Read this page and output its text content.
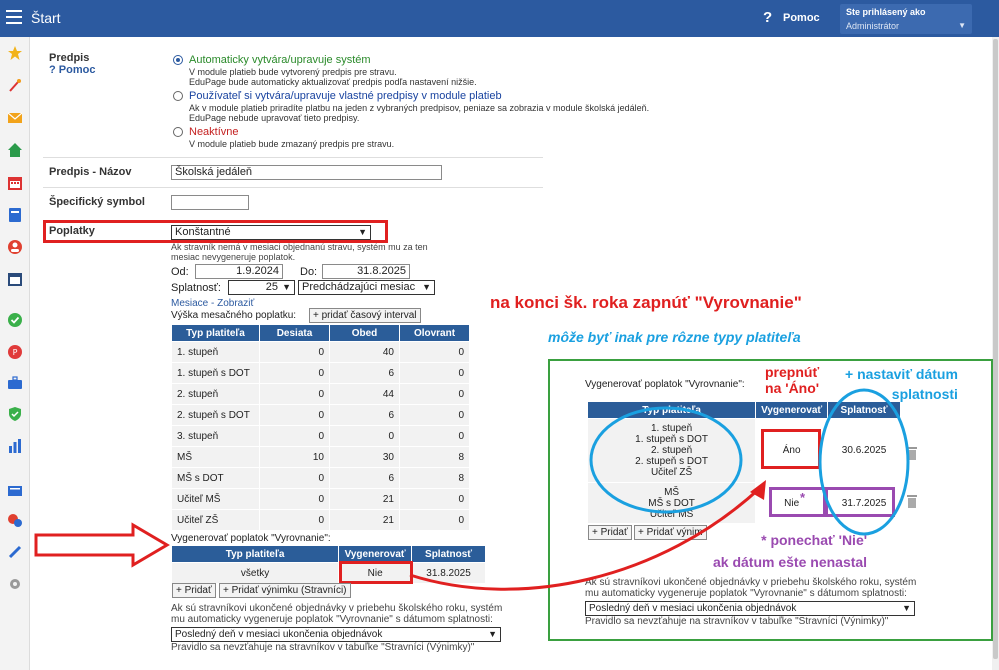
Štart	? Pomoc	Ste prihlásený ako
Administrátor	▼
P
Predpis
? Pomoc
Automaticky vytvára/upravuje systém
V module platieb bude vytvorený predpis pre stravu.
EduPage bude automaticky aktualizovať predpis podľa nastavení nižšie.
Používateľ si vytvára/upravuje vlastné predpisy v module platieb
Ak v module platieb priradíte platbu na jeden z vybraných predpisov, peniaze sa zobrazia v module školská jedáleň.
EduPage nebude upravovať tieto predpisy.
Neaktívne
V module platieb bude zmazaný predpis pre stravu.
Predpis - Názov	Školská jedáleň
Špecifický symbol
Poplatky	Konštantné	▼
Ak stravník nemá v mesiaci objednanú stravu, systém mu za ten
mesiac nevygeneruje poplatok.
Od:	1.9.2024	Do:	31.8.2025
Splatnosť:	25 ▼	Predchádzajúci mesiac ▼
Mesiace - Zobraziť
Výška mesačného poplatku:	+ pridať časový interval
Typ platiteľa	Desiata	Obed	Olovrant
1. stupeň	0	40	0
1. stupeň s DOT	0	6	0
2. stupeň	0	44	0
2. stupeň s DOT	0	6	0
3. stupeň	0	0	0
MŠ	10	30	8
MŠ s DOT	0	6	8
Učiteľ MŠ	0	21	0
Učiteľ ZŠ	0	21	0
Vygenerovať poplatok "Vyrovnanie":
Typ platiteľa	Vygenerovať	Splatnosť
všetky	Nie	31.8.2025
+ Pridať	+ Pridať výnimku (Stravníci)
Ak sú stravníkovi ukončené objednávky v priebehu školského roku, systém
mu automaticky vygeneruje poplatok "Vyrovnanie" s dátumom splatnosti:
Posledný deň v mesiaci ukončenia objednávok	▼
Pravidlo sa nevzťahuje na stravníkov v tabuľke "Stravníci (Výnimky)"
na konci šk. roka zapnúť "Vyrovnanie"
môže byť inak pre rôzne typy platiteľa
Vygenerovať poplatok "Vyrovnanie":
Typ platiteľa	Vygenerovať	Splatnosť

1. stupeň
1. stupeň s DOT
2. stupeň
2. stupeň s DOT
Učiteľ ZŠ	Áno	30.6.2025

MŠ
MŠ s DOT
Učiteľ MŠ	Nie	31.7.2025
*
+ Pridať	+ Pridať výnim
Ak sú stravníkovi ukončené objednávky v priebehu školského roku, systém
mu automaticky vygeneruje poplatok "Vyrovnanie" s dátumom splatnosti:
Posledný deň v mesiaci ukončenia objednávok	▼
Pravidlo sa nevzťahuje na stravníkov v tabuľke "Stravníci (Výnimky)"
prepnúť
na 'Áno'
+ nastaviť dátum
splatnosti
* ponechať 'Nie'
ak dátum ešte nenastal
